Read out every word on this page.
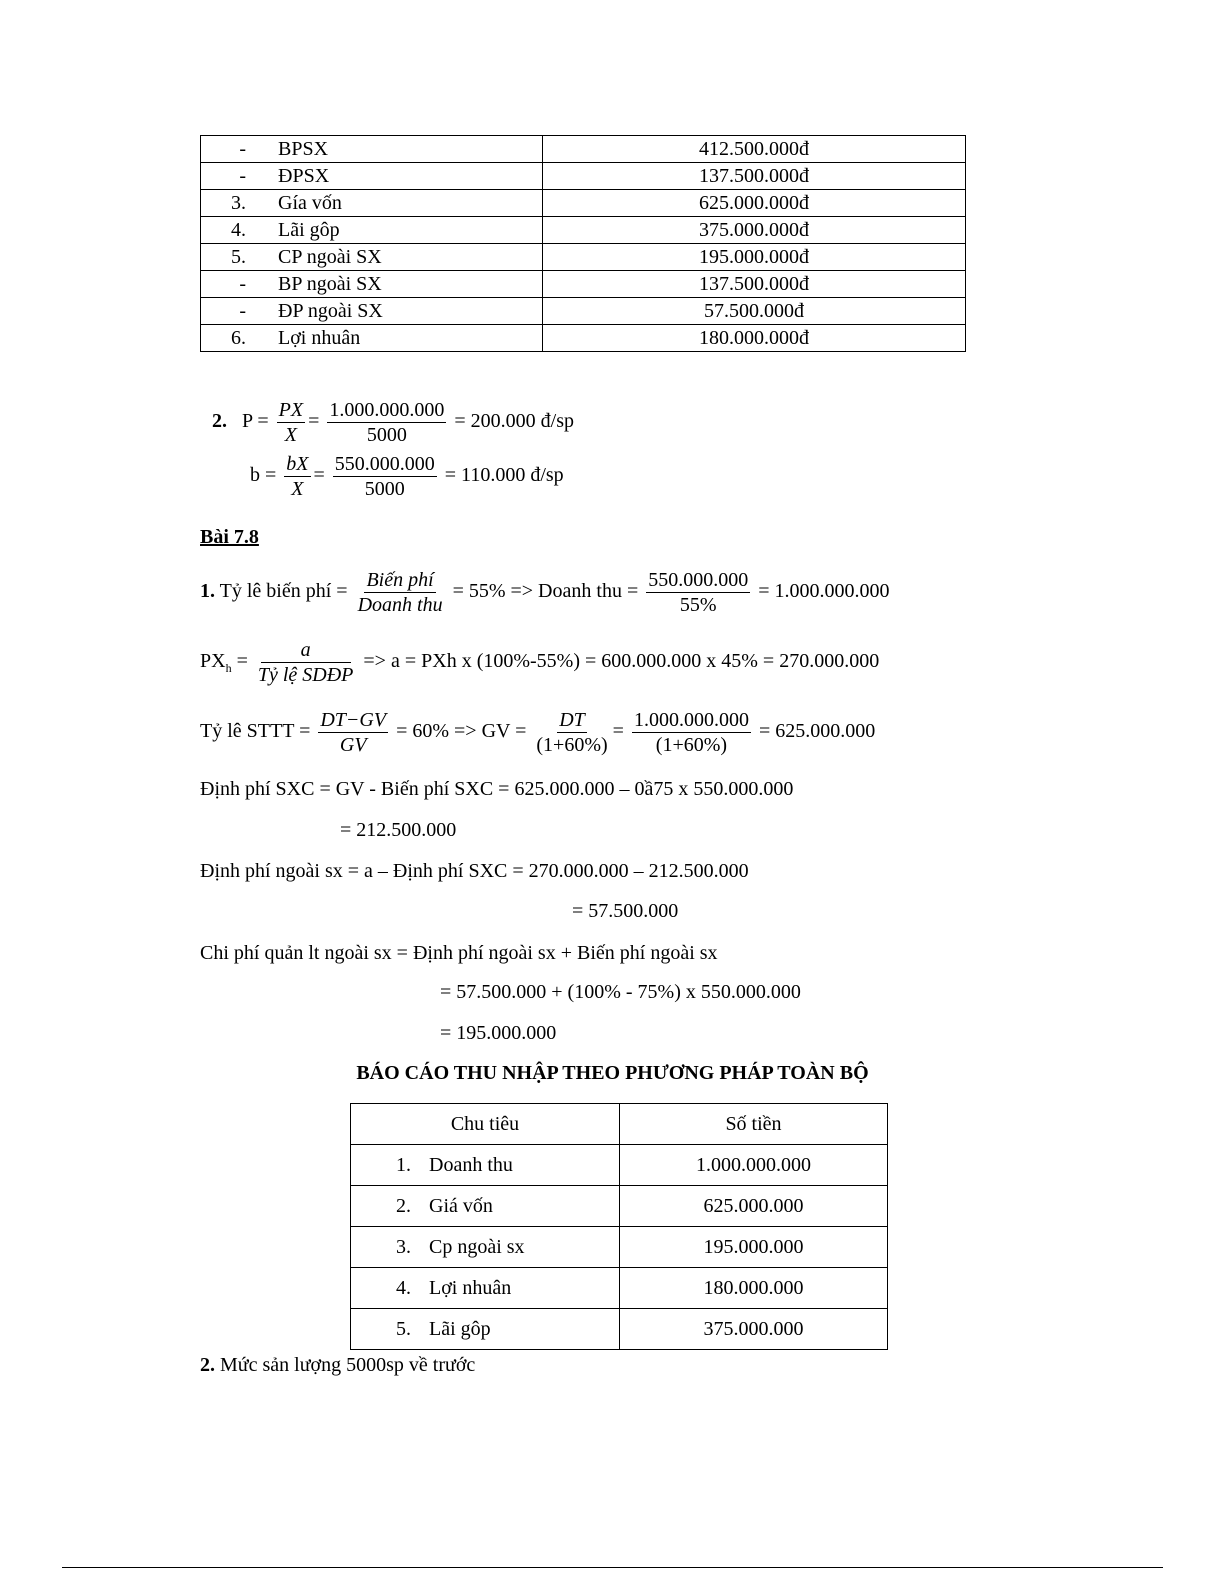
- BPSX	412.500.000đ
- ĐPSX	137.500.000đ
3. Gía vốn	625.000.000đ
4. Lãi gôp	375.000.000đ
5. CP ngoài SX	195.000.000đ
- BP ngoài SX	137.500.000đ
- ĐP ngoài SX	57.500.000đ
6. Lợi nhuân	180.000.000đ
2. $P = \frac{PX}{X} = \frac{1.000.000.000}{5000} = 200.000$ đ/sp
$b = \frac{bX}{X} = \frac{550.000.000}{5000} = 110.000$ đ/sp
Bài 7.8
1. Tỷ lê biến phí = $\frac{\text{Biến phí}}{\text{Doanh thu}} = 55\%$ => Doanh thu = $\frac{550.000.000}{55\%} = 1.000.000.000$
$PX_h = \frac{a}{\text{Tỷ lệ SDĐP}} => a$ = PXh x (100%-55%) = 600.000.000 x 45% = 270.000.000
Tỷ lê STTT = $\frac{DT-GV}{GV} = 60\%$ => GV = $\frac{DT}{(1+60\%)} = \frac{1.000.000.000}{(1+60\%)} = 625.000.000$
Định phí SXC = GV - Biến phí SXC = 625.000.000 – 0ầ75 x 550.000.000
= 212.500.000
Định phí ngoài sx = a – Định phí SXC = 270.000.000 – 212.500.000
= 57.500.000
Chi phí quản lt ngoài sx = Định phí ngoài sx + Biến phí ngoài sx
= 57.500.000 + (100% - 75%) x 550.000.000
= 195.000.000
BÁO CÁO THU NHẬP THEO PHƯƠNG PHÁP TOÀN BỘ
Chu tiêu	Số tiền
1. Doanh thu	1.000.000.000
2. Giá vốn	625.000.000
3. Cp ngoài sx	195.000.000
4. Lợi nhuân	180.000.000
5. Lãi gôp	375.000.000
2. Mức sản lượng 5000sp về trước
